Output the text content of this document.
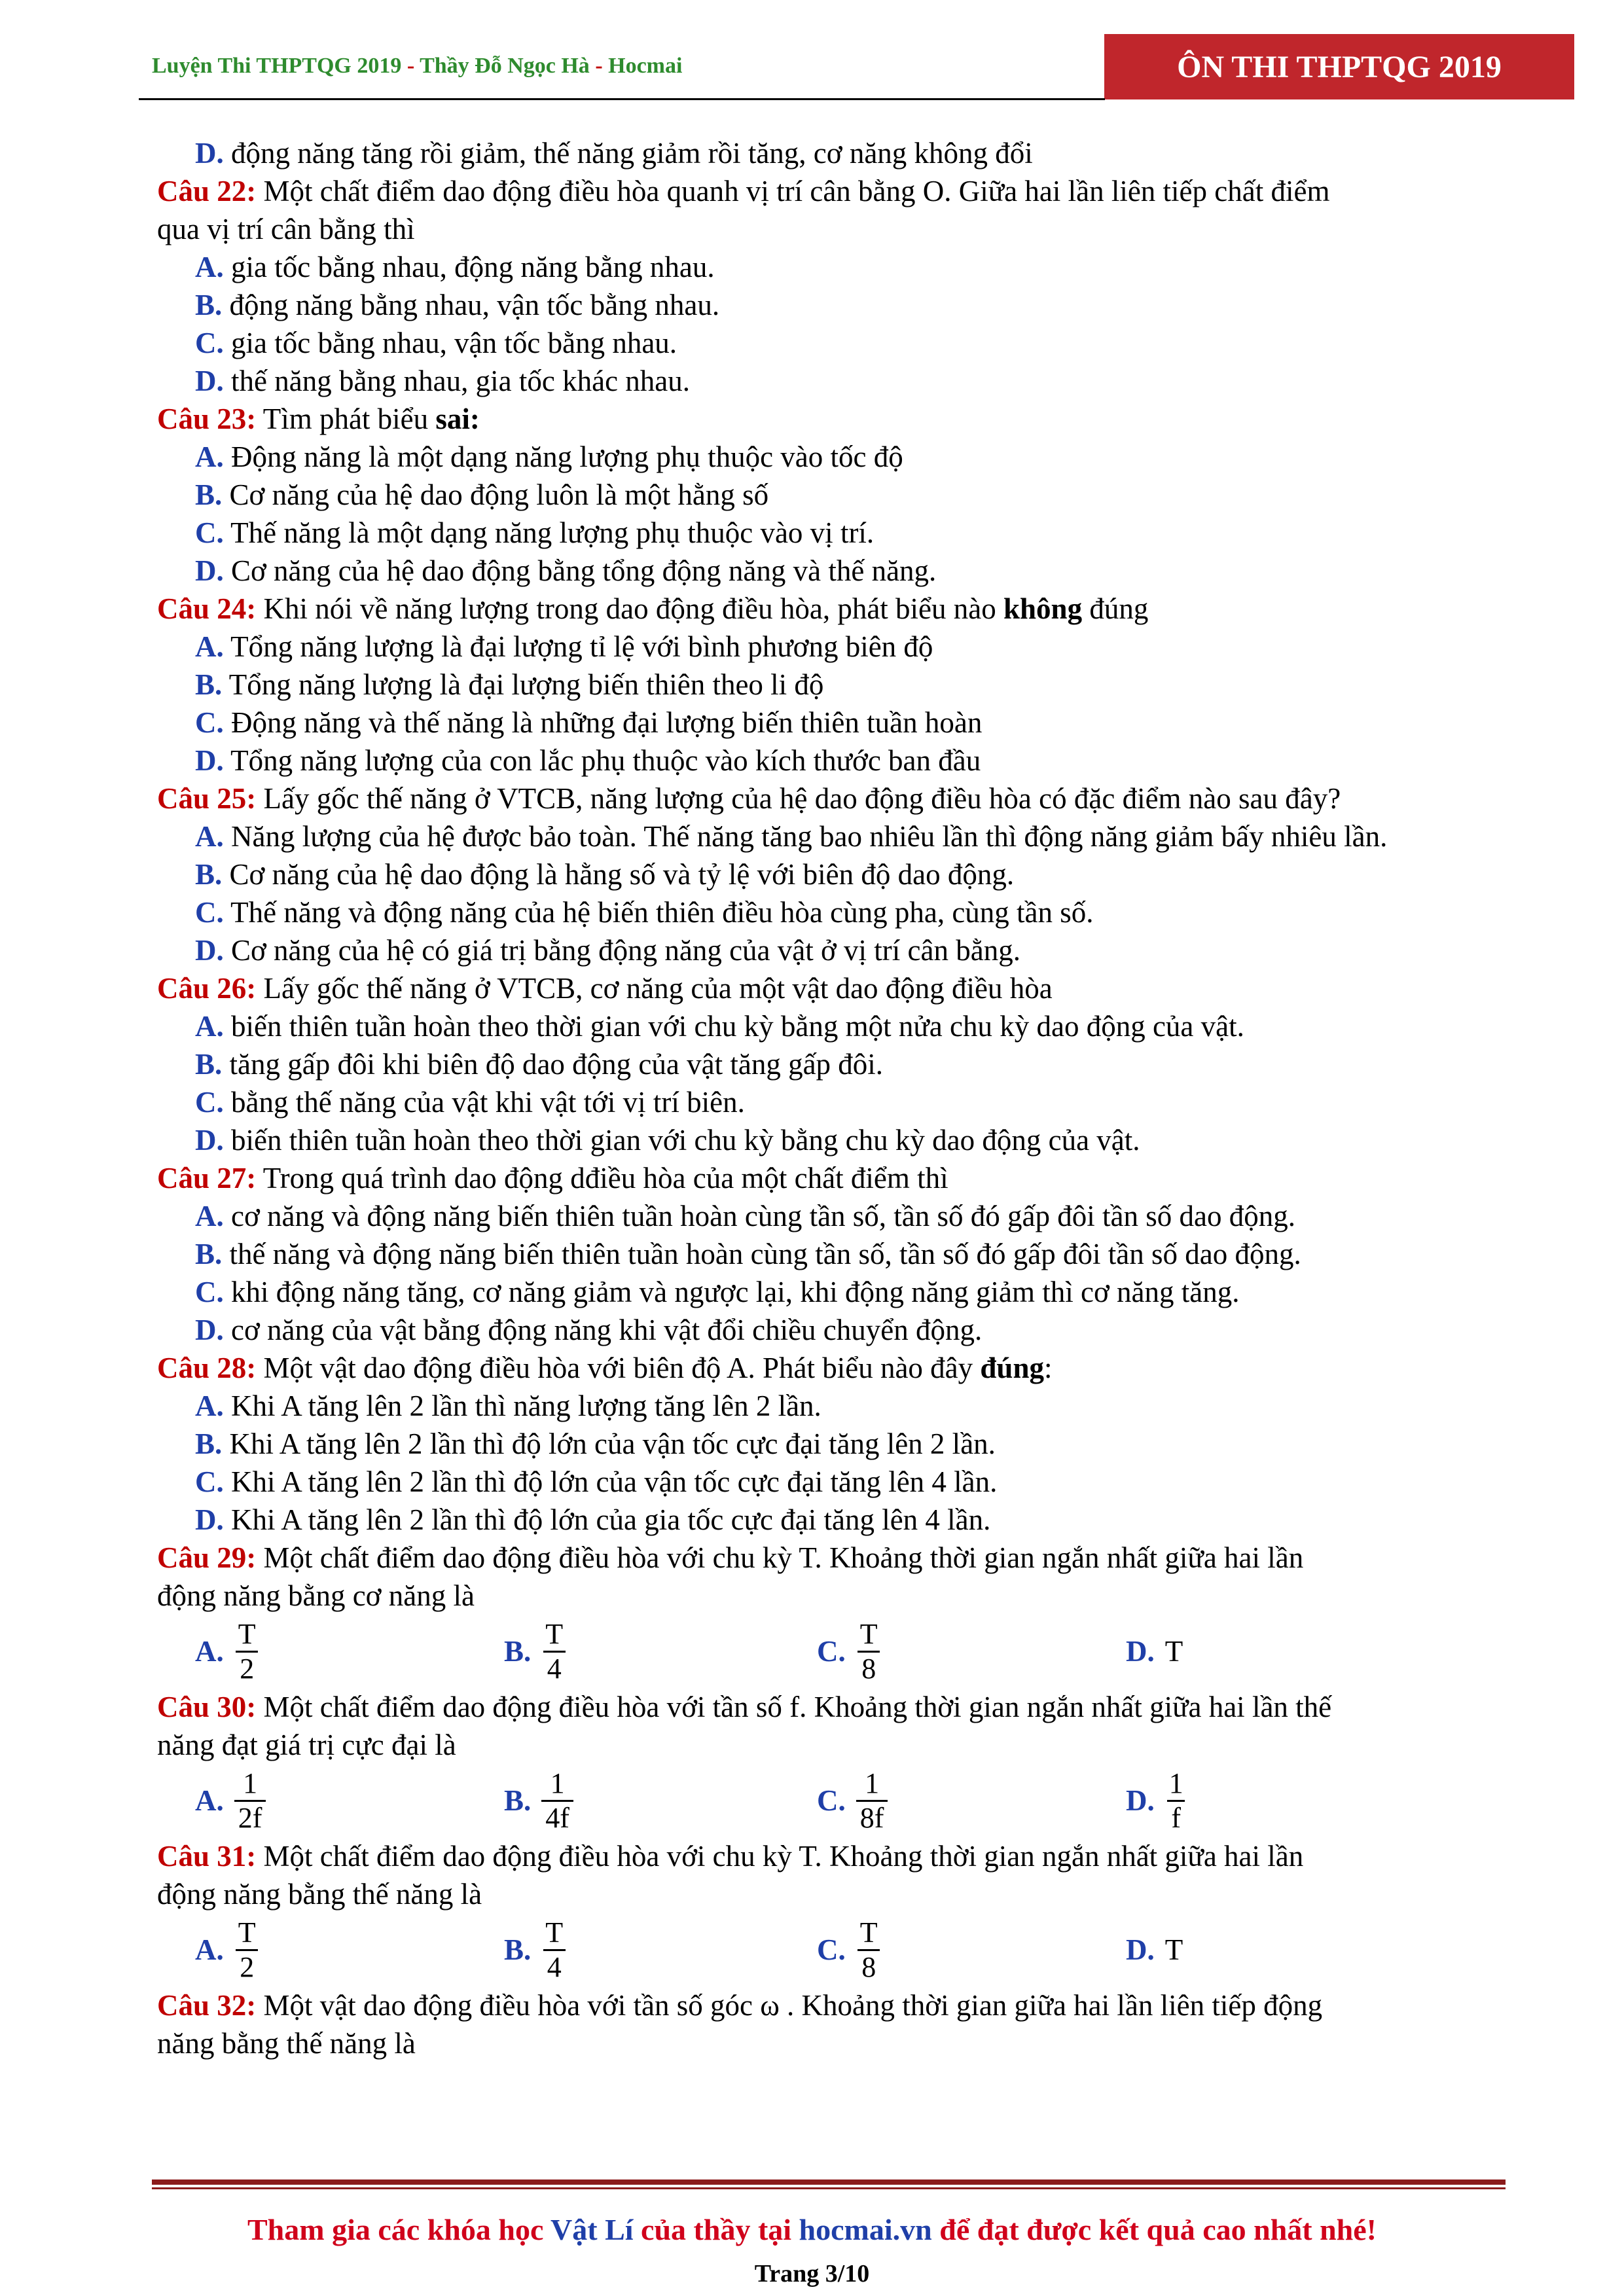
Luyện Thi THPTQG 2019 - Thầy Đỗ Ngọc Hà - Hocmai	ÔN THI THPTQG 2019
D. động năng tăng rồi giảm, thế năng giảm rồi tăng, cơ năng không đổi
Câu 22: Một chất điểm dao động điều hòa quanh vị trí cân bằng O. Giữa hai lần liên tiếp chất điểm
qua vị trí cân bằng thì
A. gia tốc bằng nhau, động năng bằng nhau.
B. động năng bằng nhau, vận tốc bằng nhau.
C. gia tốc bằng nhau, vận tốc bằng nhau.
D. thế năng bằng nhau, gia tốc khác nhau.
Câu 23: Tìm phát biểu sai:
A. Động năng là một dạng năng lượng phụ thuộc vào tốc độ
B. Cơ năng của hệ dao động luôn là một hằng số
C. Thế năng là một dạng năng lượng phụ thuộc vào vị trí.
D. Cơ năng của hệ dao động bằng tổng động năng và thế năng.
Câu 24: Khi nói về năng lượng trong dao động điều hòa, phát biểu nào không đúng
A. Tổng năng lượng là đại lượng tỉ lệ với bình phương biên độ
B. Tổng năng lượng là đại lượng biến thiên theo li độ
C. Động năng và thế năng là những đại lượng biến thiên tuần hoàn
D. Tổng năng lượng của con lắc phụ thuộc vào kích thước ban đầu
Câu 25: Lấy gốc thế năng ở VTCB, năng lượng của hệ dao động điều hòa có đặc điểm nào sau đây?
A. Năng lượng của hệ được bảo toàn. Thế năng tăng bao nhiêu lần thì động năng giảm bấy nhiêu lần.
B. Cơ năng của hệ dao động là hằng số và tỷ lệ với biên độ dao động.
C. Thế năng và động năng của hệ biến thiên điều hòa cùng pha, cùng tần số.
D. Cơ năng của hệ có giá trị bằng động năng của vật ở vị trí cân bằng.
Câu 26: Lấy gốc thế năng ở VTCB, cơ năng của một vật dao động điều hòa
A. biến thiên tuần hoàn theo thời gian với chu kỳ bằng một nửa chu kỳ dao động của vật.
B. tăng gấp đôi khi biên độ dao động của vật tăng gấp đôi.
C. bằng thế năng của vật khi vật tới vị trí biên.
D. biến thiên tuần hoàn theo thời gian với chu kỳ bằng chu kỳ dao động của vật.
Câu 27: Trong quá trình dao động dđiều hòa của một chất điểm thì
A. cơ năng và động năng biến thiên tuần hoàn cùng tần số, tần số đó gấp đôi tần số dao động.
B. thế năng và động năng biến thiên tuần hoàn cùng tần số, tần số đó gấp đôi tần số dao động.
C. khi động năng tăng, cơ năng giảm và ngược lại, khi động năng giảm thì cơ năng tăng.
D. cơ năng của vật bằng động năng khi vật đổi chiều chuyển động.
Câu 28: Một vật dao động điều hòa với biên độ A. Phát biểu nào đây đúng:
A. Khi A tăng lên 2 lần thì năng lượng tăng lên 2 lần.
B. Khi A tăng lên 2 lần thì độ lớn của vận tốc cực đại tăng lên 2 lần.
C. Khi A tăng lên 2 lần thì độ lớn của vận tốc cực đại tăng lên 4 lần.
D. Khi A tăng lên 2 lần thì độ lớn của gia tốc cực đại tăng lên 4 lần.
Câu 29: Một chất điểm dao động điều hòa với chu kỳ T. Khoảng thời gian ngắn nhất giữa hai lần
động năng bằng cơ năng là
A. $\frac{T}{2}$	B. $\frac{T}{4}$	C. $\frac{T}{8}$	D. T
Câu 30: Một chất điểm dao động điều hòa với tần số f. Khoảng thời gian ngắn nhất giữa hai lần thế
năng đạt giá trị cực đại là
A. $\frac{1}{2f}$	B. $\frac{1}{4f}$	C. $\frac{1}{8f}$	D. $\frac{1}{f}$
Câu 31: Một chất điểm dao động điều hòa với chu kỳ T. Khoảng thời gian ngắn nhất giữa hai lần
động năng bằng thế năng là
A. $\frac{T}{2}$	B. $\frac{T}{4}$	C. $\frac{T}{8}$	D. T
Câu 32: Một vật dao động điều hòa với tần số góc ω . Khoảng thời gian giữa hai lần liên tiếp động
năng bằng thế năng là
Tham gia các khóa học Vật Lí của thầy tại hocmai.vn để đạt được kết quả cao nhất nhé!
Trang 3/10
